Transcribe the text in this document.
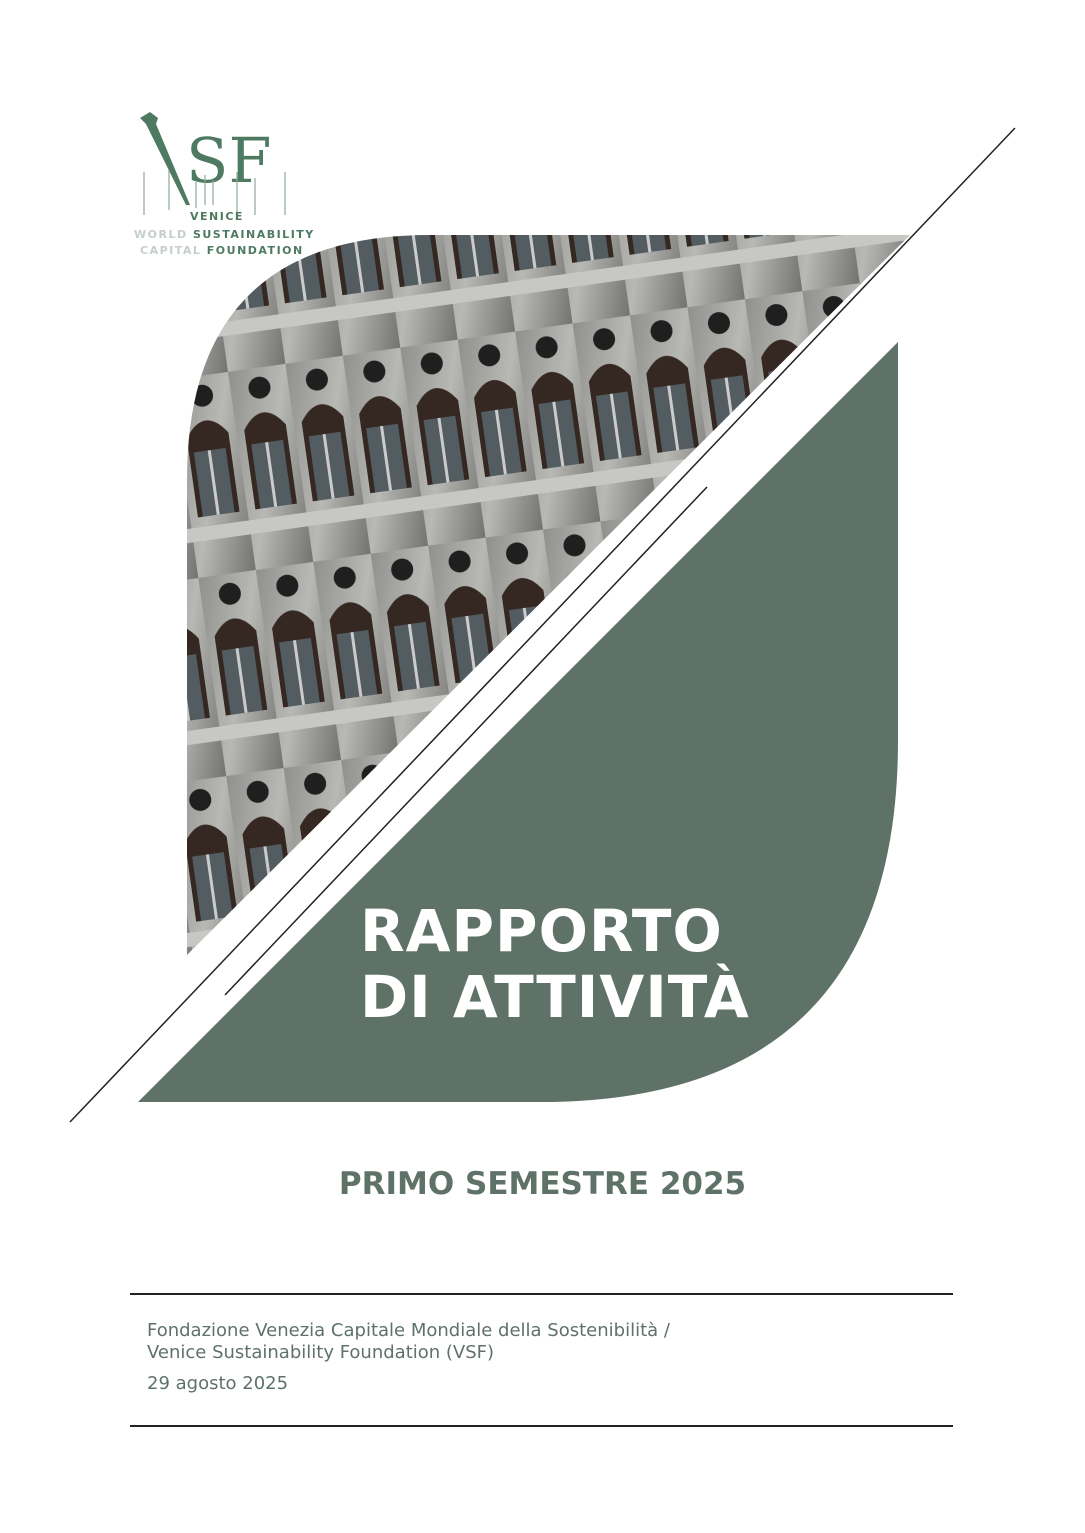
SF
VENICE
WORLD SUSTAINABILITY
CAPITAL FOUNDATION
RAPPORTO
DI ATTIVITÀ
PRIMO SEMESTRE 2025
Fondazione Venezia Capitale Mondiale della Sostenibilità /
Venice Sustainability Foundation (VSF)
29 agosto 2025
